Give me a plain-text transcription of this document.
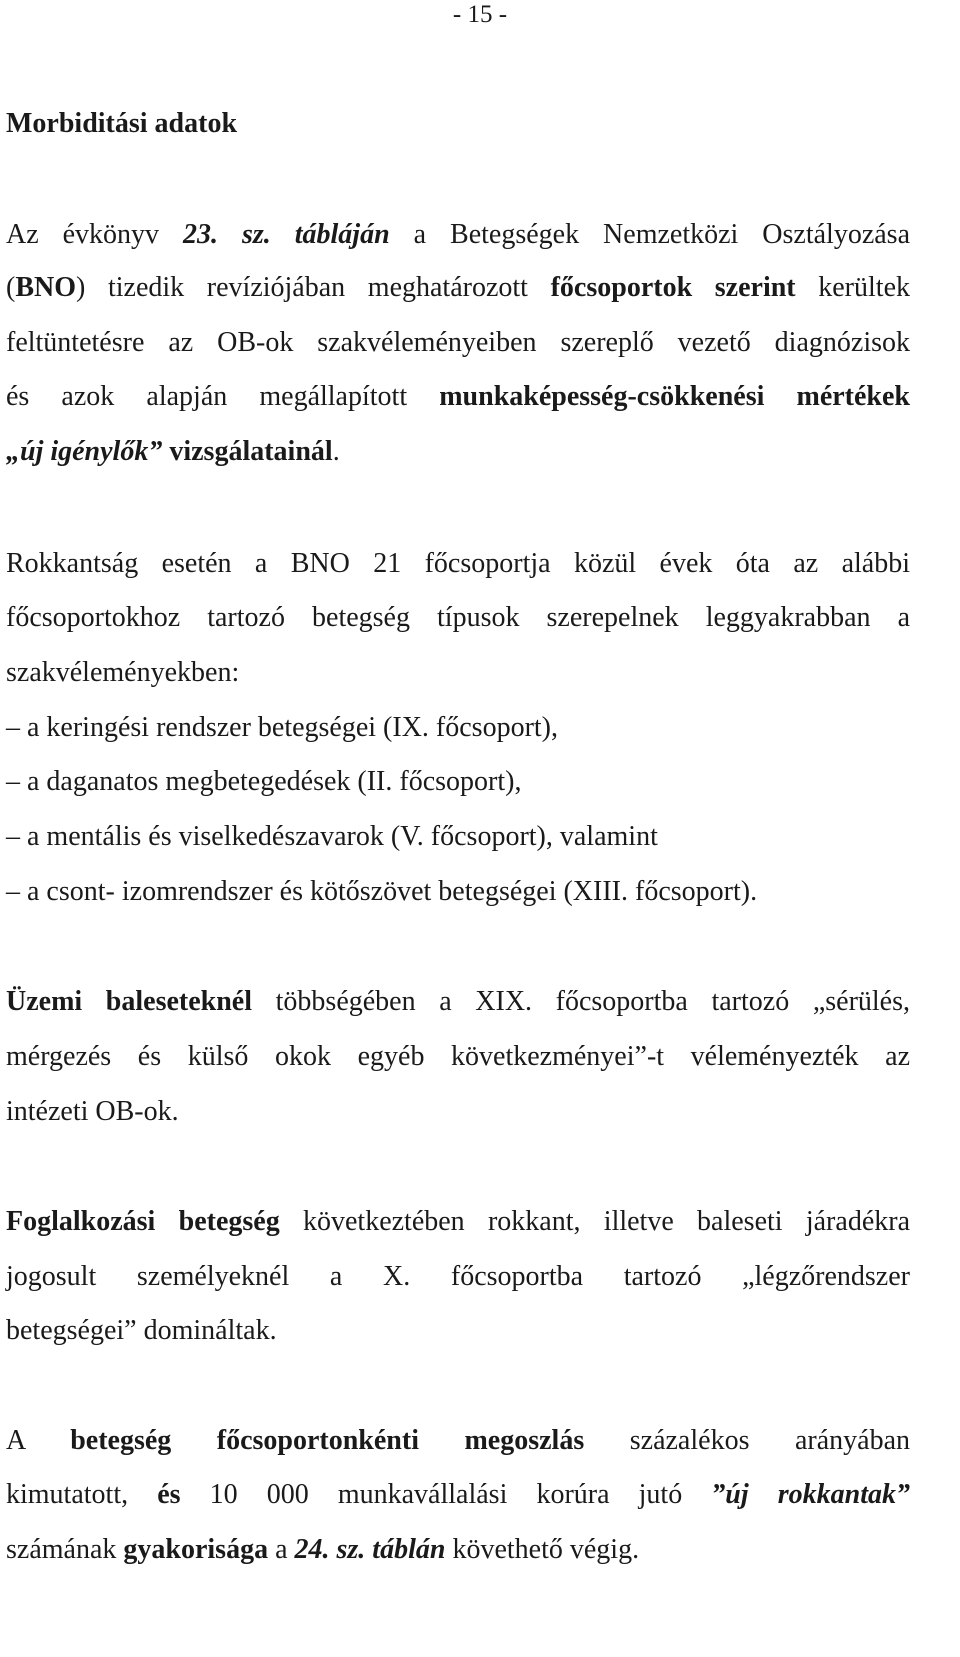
- 15 -
Morbiditási adatok

Az évkönyv 23. sz. tábláján a Betegségek Nemzetközi Osztályozása

(BNO) tizedik revíziójában meghatározott főcsoportok szerint kerültek

feltüntetésre az OB-ok szakvéleményeiben szereplő vezető diagnózisok

és azok alapján megállapított munkaképesség-csökkenési mértékek

„új igénylők” vizsgálatainál.

Rokkantság esetén a BNO 21 főcsoportja közül évek óta az alábbi

főcsoportokhoz tartozó betegség típusok szerepelnek leggyakrabban a

szakvéleményekben:

– a keringési rendszer betegségei (IX. főcsoport),

– a daganatos megbetegedések (II. főcsoport),

– a mentális és viselkedészavarok (V. főcsoport), valamint

– a csont- izomrendszer és kötőszövet betegségei (XIII. főcsoport).

Üzemi baleseteknél többségében a XIX. főcsoportba tartozó „sérülés,

mérgezés és külső okok egyéb következményei”-t véleményezték az

intézeti OB-ok.

Foglalkozási betegség következtében rokkant, illetve baleseti járadékra

jogosult személyeknél a X. főcsoportba tartozó „légzőrendszer

betegségei” domináltak.

A betegség főcsoportonkénti megoszlás százalékos arányában

kimutatott, és 10 000 munkavállalási korúra jutó ”új rokkantak”

számának gyakorisága a 24. sz. táblán követhető végig.
